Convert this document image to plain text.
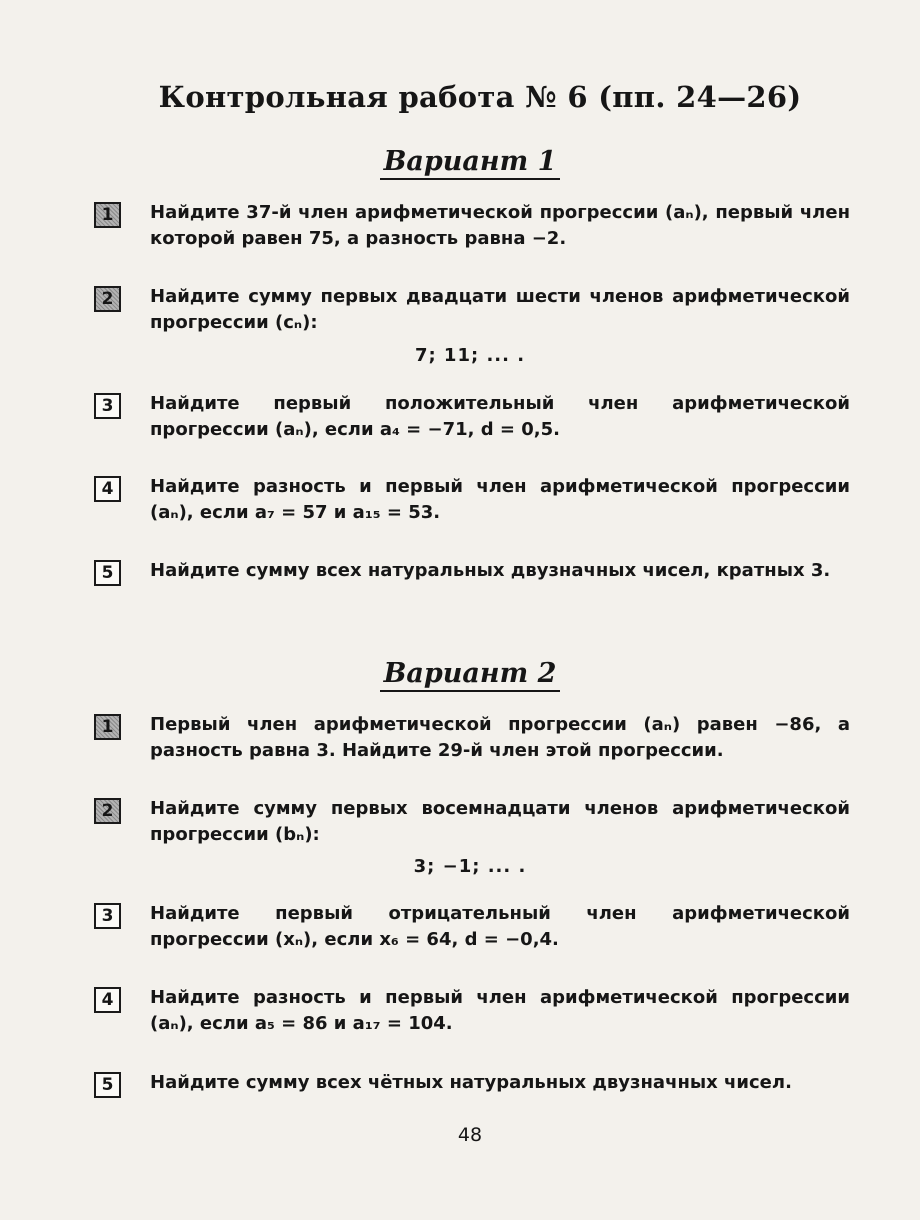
Контрольная работа № 6 (пп. 24—26)
Вариант 1
1	Найдите 37-й член арифметической прогрессии (aₙ), первый член которой равен 75, а разность равна −2.
2	Найдите сумму первых двадцати шести членов арифметической прогрессии (cₙ):
7; 11; ... .
3	Найдите первый положительный член арифметической прогрессии (aₙ), если a₄ = −71, d = 0,5.
4	Найдите разность и первый член арифметической прогрессии (aₙ), если a₇ = 57 и a₁₅ = 53.
5	Найдите сумму всех натуральных двузначных чисел, кратных 3.
Вариант 2
1	Первый член арифметической прогрессии (aₙ) равен −86, а разность равна 3. Найдите 29-й член этой прогрессии.
2	Найдите сумму первых восемнадцати членов арифметической прогрессии (bₙ):
3; −1; ... .
3	Найдите первый отрицательный член арифметической прогрессии (xₙ), если x₆ = 64, d = −0,4.
4	Найдите разность и первый член арифметической прогрессии (aₙ), если a₅ = 86 и a₁₇ = 104.
5	Найдите сумму всех чётных натуральных двузначных чисел.
48
